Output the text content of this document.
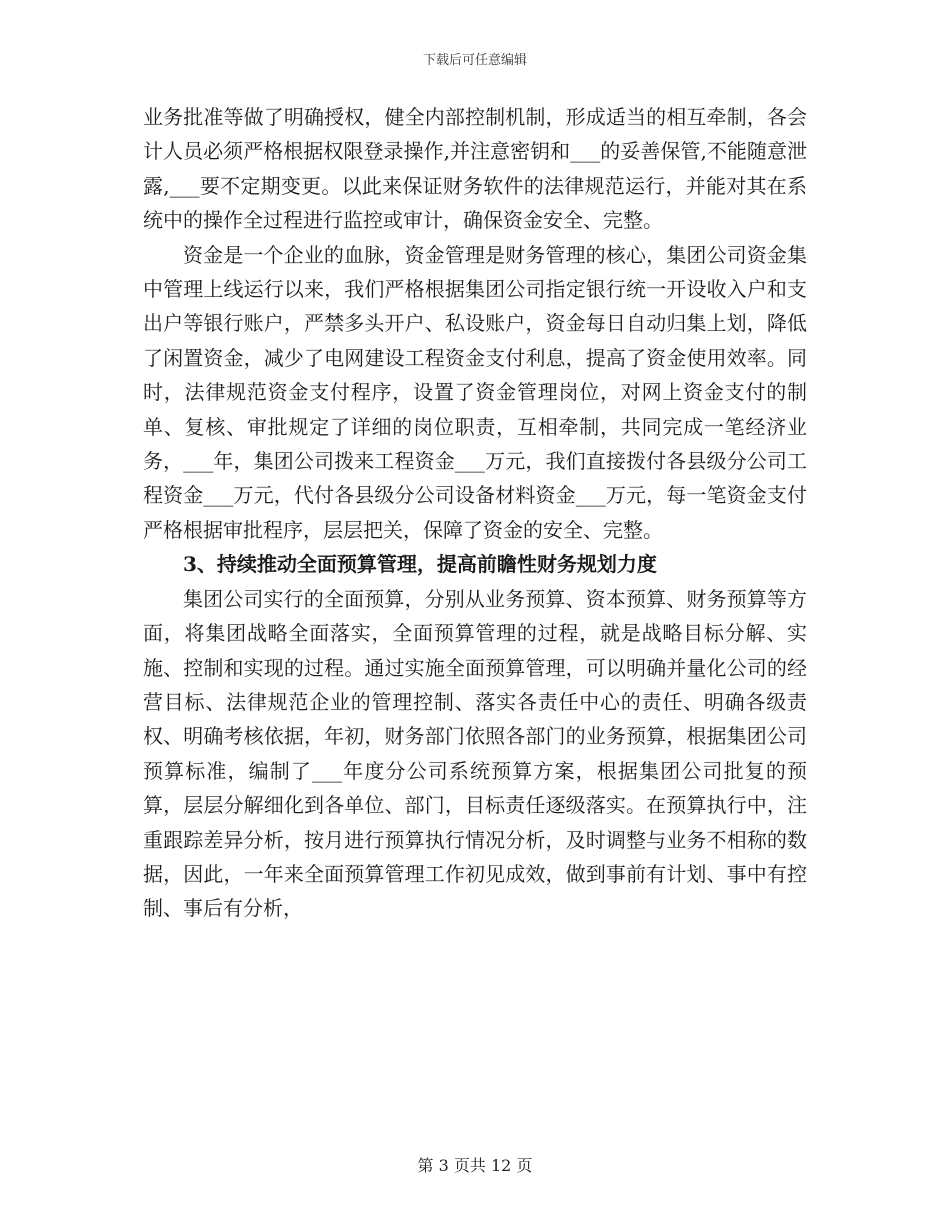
下载后可任意编辑

业务批准等做了明确授权，健全内部控制机制，形成适当的相互牵制，各会计人员必须严格根据权限登录操作,并注意密钥和___的妥善保管,不能随意泄露,___要不定期变更。以此来保证财务软件的法律规范运行，并能对其在系统中的操作全过程进行监控或审计，确保资金安全、完整。

资金是一个企业的血脉，资金管理是财务管理的核心，集团公司资金集中管理上线运行以来，我们严格根据集团公司指定银行统一开设收入户和支出户等银行账户，严禁多头开户、私设账户，资金每日自动归集上划，降低了闲置资金，减少了电网建设工程资金支付利息，提高了资金使用效率。同时，法律规范资金支付程序，设置了资金管理岗位，对网上资金支付的制单、复核、审批规定了详细的岗位职责，互相牵制，共同完成一笔经济业务，___年，集团公司拨来工程资金___万元，我们直接拨付各县级分公司工程资金___万元，代付各县级分公司设备材料资金___万元，每一笔资金支付严格根据审批程序，层层把关，保障了资金的安全、完整。

3、持续推动全面预算管理，提高前瞻性财务规划力度

集团公司实行的全面预算，分别从业务预算、资本预算、财务预算等方面，将集团战略全面落实，全面预算管理的过程，就是战略目标分解、实施、控制和实现的过程。通过实施全面预算管理，可以明确并量化公司的经营目标、法律规范企业的管理控制、落实各责任中心的责任、明确各级责权、明确考核依据，年初，财务部门依照各部门的业务预算，根据集团公司预算标准，编制了___年度分公司系统预算方案，根据集团公司批复的预算，层层分解细化到各单位、部门，目标责任逐级落实。在预算执行中，注重跟踪差异分析，按月进行预算执行情况分析，及时调整与业务不相称的数据，因此，一年来全面预算管理工作初见成效，做到事前有计划、事中有控制、事后有分析，

第 3 页共 12 页
